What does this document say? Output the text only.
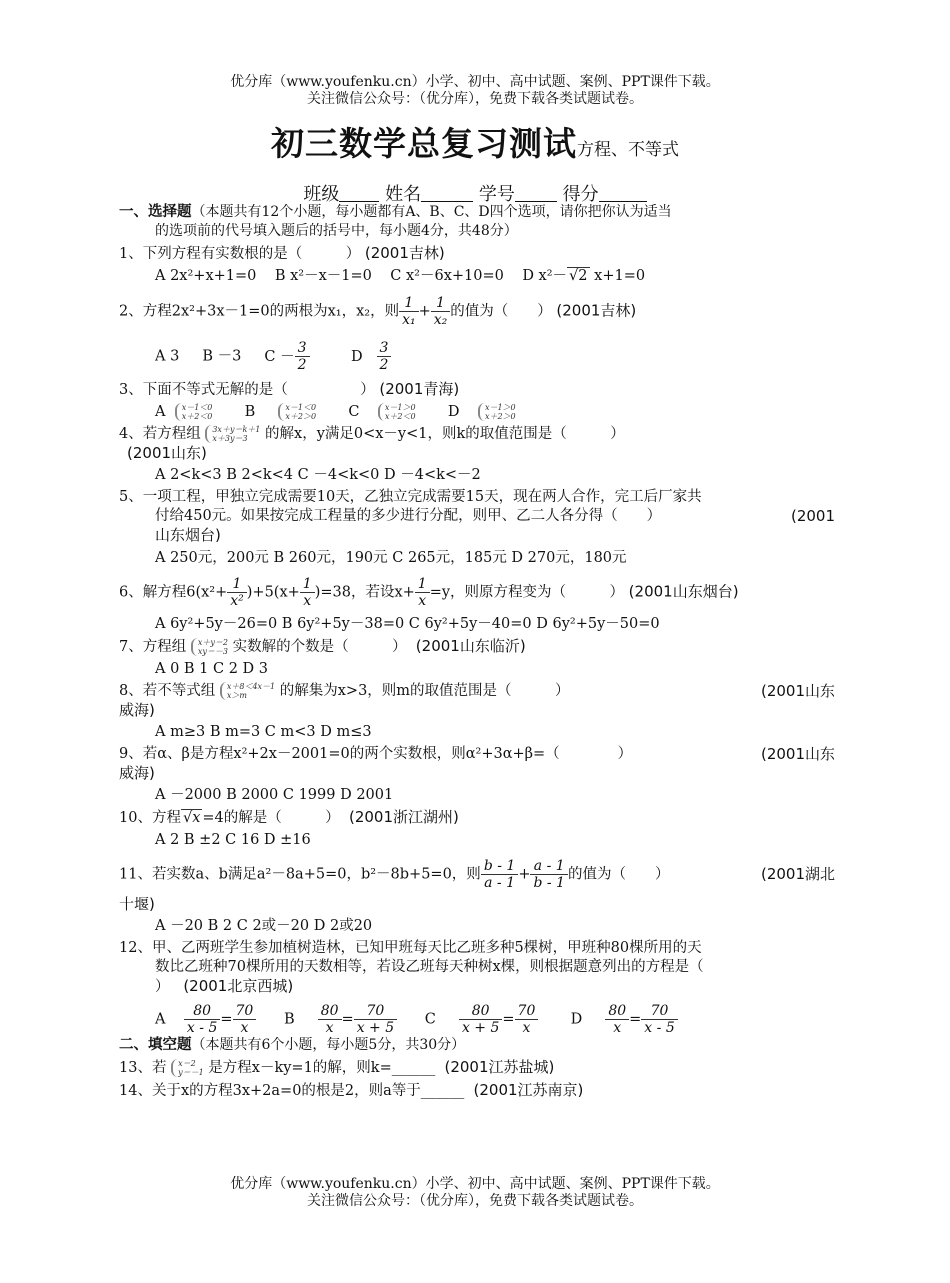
优分库（www.youfenku.cn）小学、初中、高中试题、案例、PPT课件下载。
关注微信公众号：（优分库），免费下载各类试题试卷。
初三数学总复习测试方程、不等式
班级	姓名	学号	得分
一、选择题（本题共有12个小题，每小题都有A、B、C、D四个选项，请你把你认为适当
的选项前的代号填入题后的括号中，每小题4分，共48分）
1、下列方程有实数根的是（　　　） (2001吉林)
A 2x²+x+1=0 B x²－x－1=0 C x²－6x+10=0 D x²－ √2 x+1=0
2、方程2x²+3x－1=0的两根为x₁，x₂，则 $\frac{1}{\text{x₁}} + \frac{1}{\text{x₂}}$ 的值为（　　） (2001吉林)
A 3 B －3 $C - \frac{3}{2}$	D $\frac{3}{2}$
3、下面不等式无解的是（　　　　　） (2001青海)
A x－1＜0
x＋2＜0 B	x－1＜0
x＋2＞0 C	x－1＞0
x＋2＜0 D	x－1＞0
x＋2＞0
4、若方程组 3x＋y＝k＋1
x＋3y＝3	的解x，y满足0<x－y<1，则k的取值范围是（　　　）
(2001山东)
A 2<k<3 B 2<k<4 C －4<k<0 D －4<k<－2
5、一项工程，甲独立完成需要10天，乙独立完成需要15天，现在两人合作，完工后厂家共
付给450元。如果按完成工程量的多少进行分配，则甲、乙二人各分得（　　）	(2001
山东烟台)
A 250元，200元 B 260元，190元 C 265元，185元 D 270元，180元
6、解方程$6(x^2+ \frac{1}{\text{x²}} )+5(x+ \frac{1}{x} )=38$，若设$x+ \frac{1}{x} =y$，则原方程变为（　　　） (2001山东烟台)
A 6y²+5y－26=0 B 6y²+5y－38=0 C 6y²+5y－40=0 D 6y²+5y－50=0
7、方程组 x＋y＝2
xy＝－3 实数解的个数是（　　　） (2001山东临沂)
A 0 B 1 C 2 D 3
8、若不等式组 x＋8＜4x－1
x＞m	的解集为x>3，则m的取值范围是（　　　）	(2001山东
威海)
A m≥3 B m=3 C m<3 D m≤3
9、若α、β是方程x²+2x－2001=0的两个实数根，则α²+3α+β=（　　　　）	(2001山东
威海)
A －2000 B 2000 C 1999 D 2001
10、方程 √x =4的解是（　　　） (2001浙江湖州)
A 2 B ±2 C 16 D ±16
11、若实数a、b满足a²－8a+5=0，b²－8b+5=0，则 $\frac{b - 1}{a - 1} + \frac{a - 1}{b - 1}$ 的值为（　　）	(2001湖北
十堰)
A －20 B 2 C 2或－20 D 2或20
12、甲、乙两班学生参加植树造林，已知甲班每天比乙班多种5棵树，甲班种80棵所用的天
数比乙班种70棵所用的天数相等，若设乙班每天种树x棵，则根据题意列出的方程是（
） (2001北京西城)
A $\frac{80}{x - 5} = \frac{70}{x}$ B $\frac{80}{x} = \frac{70}{x + 5}$ C $\frac{80}{x + 5} = \frac{70}{x}$ D $\frac{80}{x} = \frac{70}{x - 5}$
二、填空题（本题共有6个小题，每小题5分，共30分）
13、若 x＝2
y＝－1 是方程x－ky=1的解，则k=______ (2001江苏盐城)
14、关于x的方程3x+2a=0的根是2，则a等于______ (2001江苏南京)
优分库（www.youfenku.cn）小学、初中、高中试题、案例、PPT课件下载。
关注微信公众号：（优分库），免费下载各类试题试卷。
